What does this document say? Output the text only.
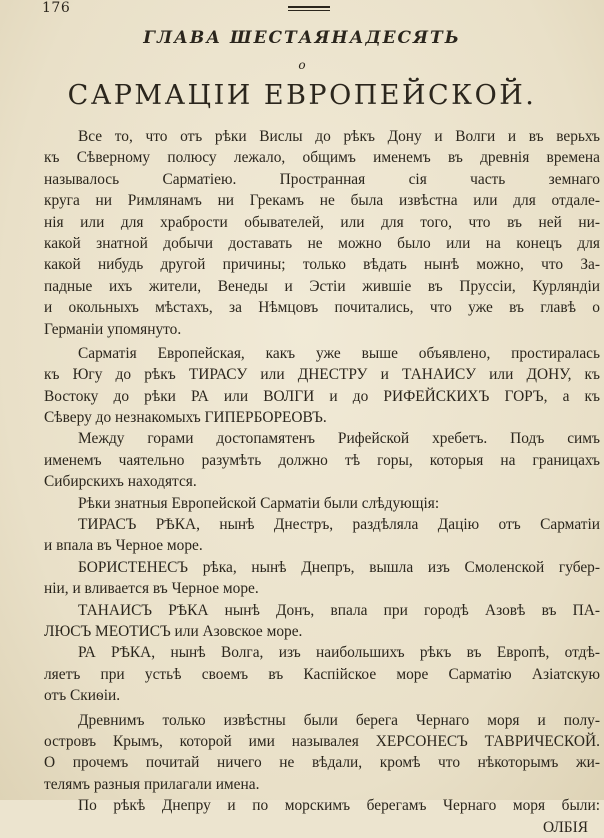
176
ГЛАВА ШЕСТАЯНАДЕСЯТЬ
о
САРМАЦІИ ЕВРОПЕЙСКОЙ.
Все то, что отъ рѣки Вислы до рѣкъ Дону и Волги и въ верьхъ
къ Сѣверному полюсу лежало, общимъ именемъ въ древнія времена
называлось Сарматіею. Пространная сія часть земнаго
круга ни Римлянамъ ни Грекамъ не была извѣстна или для отдале-
нія или для храбрости обывателей, или для того, что въ ней ни-
какой знатной добычи доставать не можно было или на конецъ для
какой нибудь другой причины; только вѣдать нынѣ можно, что За-
падные ихъ жители, Венеды и Эстіи жившіе въ Пруссіи, Курляндіи
и окольныхъ мѣстахъ, за Нѣмцовъ почитались, что уже въ главѣ о
Германіи упомянуто.
Сарматія Европейская, какъ уже выше объявлено, простиралась
къ Югу до рѣкъ ТИРАСУ или ДНЕСТРУ и ТАНАИСУ или ДОНУ, къ
Востоку до рѣки РА или ВОЛГИ и до РИФЕЙСКИХЪ ГОРЪ, а къ
Сѣверу до незнакомыхъ ГИПЕРБОРЕОВЪ.
Между горами достопамятенъ Рифейской хребетъ. Подъ симъ
именемъ чаятельно разумѣть должно тѣ горы, которыя на границахъ
Сибирскихъ находятся.
Рѣки знатныя Европейской Сарматіи были слѣдующія:
ТИРАСЪ РѢКА, нынѣ Днестръ, раздѣляла Дацію отъ Сарматіи
и впала въ Черное море.
БОРИСТЕНЕСЪ рѣка, нынѣ Днепръ, вышла изъ Смоленской губер-
ніи, и вливается въ Черное море.
ТАНАИСЪ РѢКА нынѣ Донъ, впала при городѣ Азовѣ въ ПА-
ЛЮСЪ МЕОТИСЪ или Азовское море.
РА РѢКА, нынѣ Волга, изъ наибольшихъ рѣкъ въ Европѣ, отдѣ-
ляетъ при устьѣ своемъ въ Каспійское море Сарматію Азіатскую
отъ Скиѳіи.
Древнимъ только извѣстны были берега Чернаго моря и полу-
островъ Крымъ, которой ими называлея ХЕРСОНЕСЪ ТАВРИЧЕСКОЙ.
О прочемъ почитай ничего не вѣдали, кромѣ что нѣкоторымъ жи-
телямъ разныя прилагали имена.
По рѣкѣ Днепру и по морскимъ берегамъ Чернаго моря были:
ОЛБІЯ
